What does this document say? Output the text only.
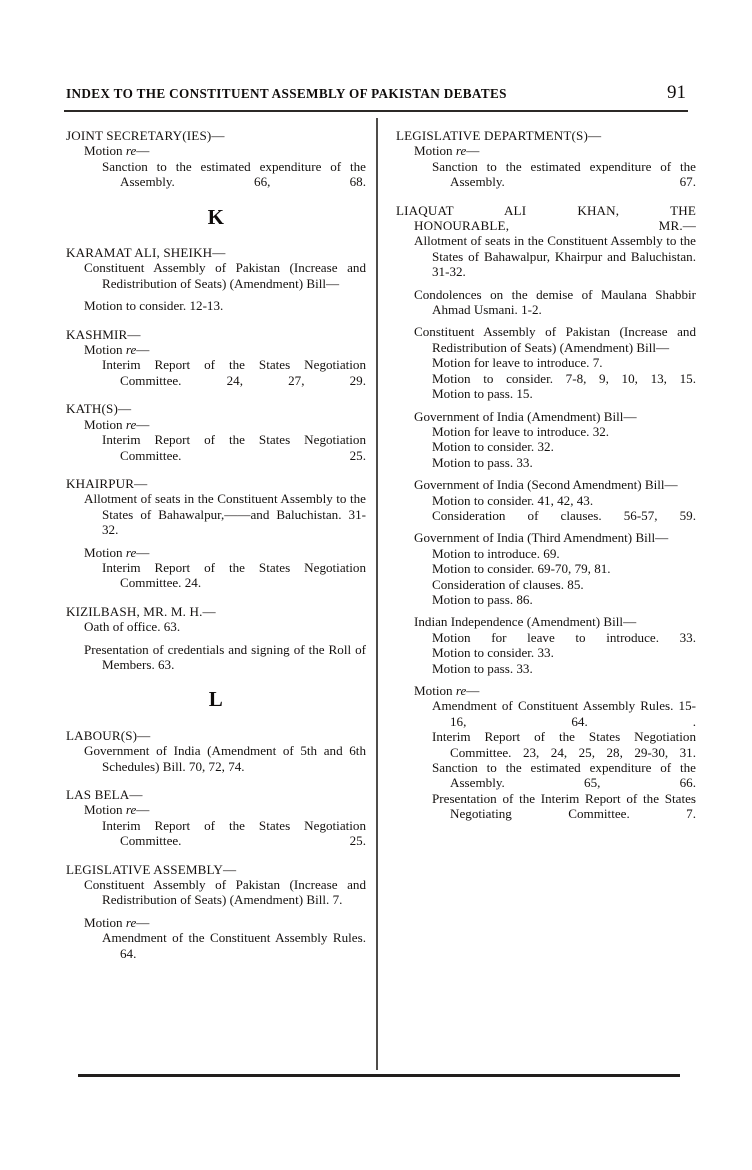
INDEX TO THE CONSTITUENT ASSEMBLY OF PAKISTAN DEBATES	91

JOINT SECRETARY(IES)—

Motion re—

Sanction to the estimated expenditure of the Assembly. 66, 68.

K

KARAMAT ALI, SHEIKH—

Constituent Assembly of Pakistan (Increase and Redistribution of Seats) (Amendment) Bill—

Motion to consider. 12-13.

KASHMIR—

Motion re—

Interim Report of the States Negotiation Committee. 24, 27, 29.

KATH(S)—

Motion re—

Interim Report of the States Negotiation Committee. 25.

KHAIRPUR—

Allotment of seats in the Constituent Assembly to the States of Bahawalpur,——and Baluchistan. 31-32.

Motion re—

Interim Report of the States Negotiation Committee. 24.

KIZILBASH, MR. M. H.—

Oath of office. 63.

Presentation of credentials and signing of the Roll of Members. 63.

L

LABOUR(S)—

Government of India (Amendment of 5th and 6th Schedules) Bill. 70, 72, 74.

LAS BELA—

Motion re—

Interim Report of the States Negotiation Committee. 25.

LEGISLATIVE ASSEMBLY—

Constituent Assembly of Pakistan (Increase and Redistribution of Seats) (Amendment) Bill. 7.

Motion re—

Amendment of the Constituent Assembly Rules. 64.

LEGISLATIVE DEPARTMENT(S)—

Motion re—

Sanction to the estimated expenditure of the Assembly. 67.

LIAQUAT ALI KHAN, THE
HONOURABLE, MR.—

Allotment of seats in the Constituent Assembly to the States of Bahawalpur, Khairpur and Baluchistan. 31-32.

Condolences on the demise of Maulana Shabbir Ahmad Usmani. 1-2.

Constituent Assembly of Pakistan (Increase and Redistribution of Seats) (Amendment) Bill—

Motion for leave to introduce. 7.

Motion to consider. 7-8, 9, 10, 13, 15.

Motion to pass. 15.

Government of India (Amendment) Bill—

Motion for leave to introduce. 32.

Motion to consider. 32.

Motion to pass. 33.

Government of India (Second Amendment) Bill—

Motion to consider. 41, 42, 43.

Consideration of clauses. 56-57, 59.

Government of India (Third Amendment) Bill—

Motion to introduce. 69.

Motion to consider. 69-70, 79, 81.

Consideration of clauses. 85.

Motion to pass. 86.

Indian Independence (Amendment) Bill—

Motion for leave to introduce. 33.

Motion to consider. 33.

Motion to pass. 33.

Motion re—

Amendment of Constituent Assembly Rules. 15-16, 64. .

Interim Report of the States Negotiation Committee. 23, 24, 25, 28, 29-30, 31.

Sanction to the estimated expenditure of the Assembly. 65, 66.

Presentation of the Interim Report of the States Negotiating Committee. 7.
